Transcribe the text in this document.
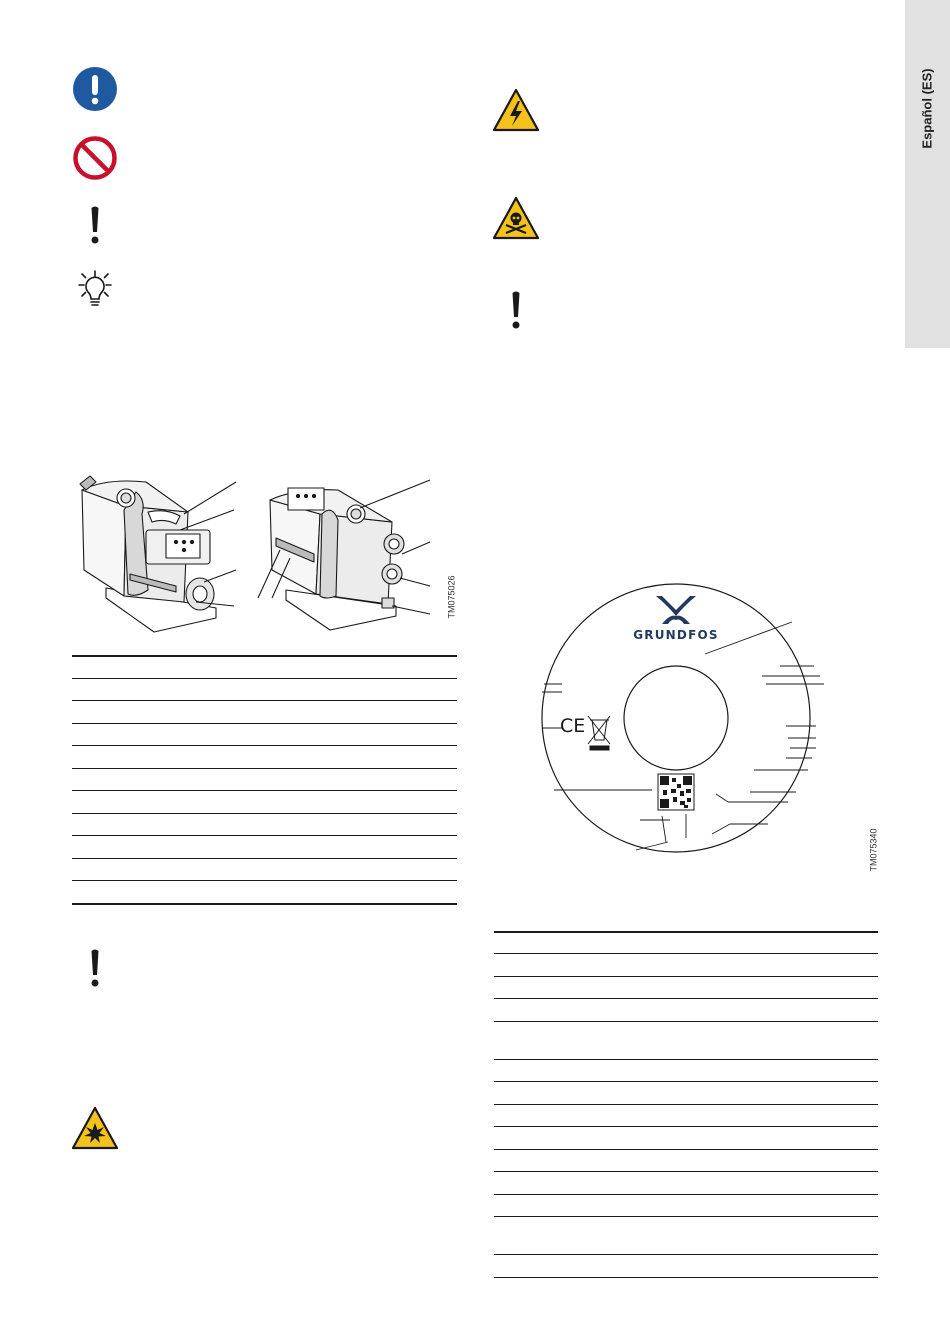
Español (ES)
TM075026
GRUNDFOS
CE
TM075340
